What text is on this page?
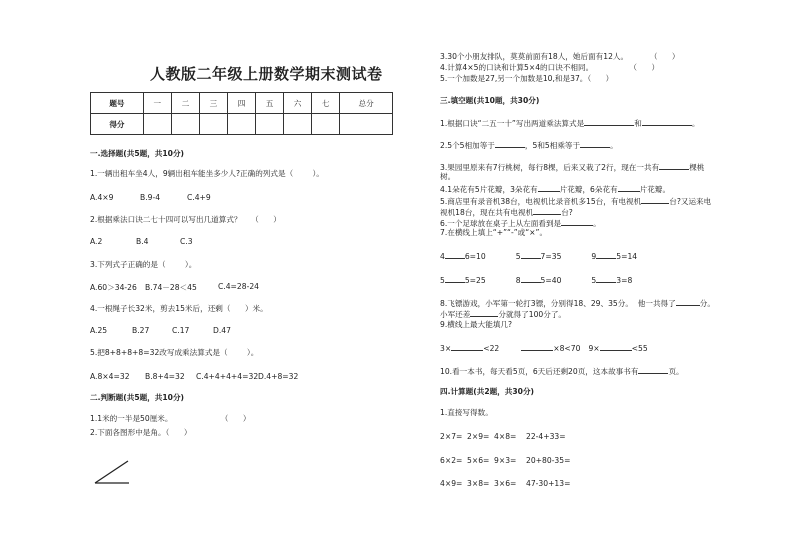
人教版二年级上册数学期末测试卷
题号	一	二	三	四	五	六	七	总分
得分								
一.选择题(共5题，共10分)
1.一辆出租车坐4人，9辆出租车能坐多少人?正确的列式是（        ）。
A.4×9	B.9-4	C.4+9
2.根据乘法口诀二七十四可以写出几道算式？    （      ）
A.2	B.4	C.3
3.下列式子正确的是（        ）。
A.60＞34-26 B.74－28＜45	C.4=28-24
4.一根绳子长32米，剪去15米后，还剩（      ）米。
A.25	B.27	C.17	D.47
5.把8+8+8+8=32改写成乘法算式是（        ）。
A.8×4=32 B.8+4=32 C.4+4+4+4=32 D.4+8=32
二.判断题(共5题，共10分)
1.1米的一半是50厘米。                    （      ）
2.下面各图形中是角。（      ）
3.30个小朋友排队，莫莫前面有18人，她后面有12人。         （      ）
4.计算4×5的口诀和计算5×4的口诀不相同。               （      ）
5.一个加数是27,另一个加数是10,和是37。（      ）
三.填空题(共10题，共30分)
1.根据口诀“二五一十”写出两道乘法算式是	和	。
2.5个5相加等于	，5和5相乘等于	。
3.果园里原来有7行桃树，每行8棵，后来又栽了2行，现在一共有	棵桃
树。
4.1朵花有5片花瓣，3朵花有	片花瓣，6朵花有	片花瓣。
5.商店里有录音机38台，电视机比录音机多15台，有电视机	台?又运来电
视机18台，现在共有电视机	台?
6.一个足球放在桌子上从左面看到是	。
7.在横线上填上“+”“-”或“×”。
4	6=10	5	7=35	9	5=14
5	5=25	8	5=40	5	3=8
8.飞镖游戏，小军第一轮打3镖，分别得18、29、35分。  他一共得了	分。
小军还差	分就得了100分了。
9.横线上最大能填几?
3×	<22	×8<70 9×	<55
10.看一本书，每天看5页，6天后还剩20页，这本故事书有	页。
四.计算题(共2题，共30分)
1.直接写得数。
2×7= 2×9= 4×8= 22-4+33=
6×2= 5×6= 9×3= 20+80-35=
4×9= 3×8= 3×6= 47-30+13=
